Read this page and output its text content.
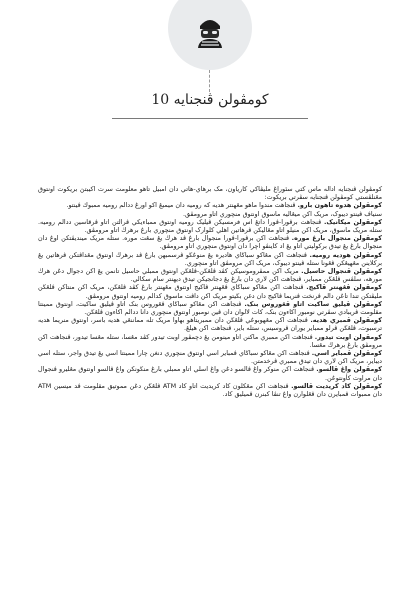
10 کومڤولن ڤنجنايه

کومڤولن ڤنجنايه اداله ماس کتي سئوراڠ مليڤاکي کارياون، مک برهاي-هاتي دان امبيل تاهو معلومت سرت اکيبتڽ بريکوت اونتوق مڠنلڤستي کومڤولن ڤنجنايه سڤرتي بريکوت:

کومڤولن هدوه تاهون بارو. ڤنجاهت مندوا ماهو مڠهنتر هديه که روميه دان ميمبڠ اکو اورڠ ددالم روميه ممبوك ڤينتو.

سنياڤ ڤينتو ديبوک، مريک اکن ميڠاليه ماسوق اونتوق منچوري اتاو مرومڤق.

کومڤولن ميکانيک. ڤنجاهت برڤورا-ڤورا داتڠ اس فرمسيکن ڤيليک روميه اونتوق ممباءيکي ڤرالتن اتاو ڤرقاسين ددالم روميه. ستله مريک ماسوق، مريک اکن منيلو اتاو مڠاليکن ڤرهاتين اهلي کلوارک اونتوق منچوري بارڠ برهرڬ اتاو مرومڤق.

کومڤولن منجوال بارڠ موره. ڤنجاهت اکن برڤورا-ڤورا منجوال بارڠ ڤد هرڬ يڠ سڠت موره. ستله مريک مينديڤتکن اوڠ دان منجوال بارڠ يڠ تيدق برکوليتي اتاو يڠ اد کاينڤو اچرا دان اونتوق منچوري اتاو مرومڤق.

کومڤولن هوديه روميه. ڤنجاهت اکن مڠاکو سباڬاي هاديره يڠ منوڠڬو ڤرسمبهن بارڠ ڤد برهرڬ اونتوق مڠداڤتکن ڤرهاتين يڠ برکلاينن مڠهيڠکن ڤڠونا ستله ڤينتو ديبوک، مريک اکن مرومڤق اتاو منچوري.

کومڤولن ڤنجوال حاسيل. مريک اکن ممڤروموسيکن کڤد ڤلڠڬن-ڤلڠڬن اونتوق ممبلي حاسيل تانمن يڠ اکن دجوال دڠن هرڬ مورهه، سلڤس ڤلڠڬن ممباير، ڤنجاهت اکن لاري دان بارڠ يڠ دجانجيکن تيدق ديهنتر سام سکالي.

کومڤولن ڤڠهنتر ڤاکيج. ڤنجاهت اکن مڠاکو سباڬاي ڤڠهنتر ڤاکيج اونتوق مڠهنتر بارڠ کڤد ڤلڠڬن، مريک اکن منتاکن ڤلڠڬن مليڤتکن تندا تاڠن دالم ڤرنخت ڤنريما ڤاکيج دان دغن بڬيتو مريک اکن داڤت ماسوق کدالم روميه اونتوق مرومڤق.

کومڤولن ڤيليق ساکيت اتاو ڤڠوروس بنک. ڤنجاهت اکن مڠاکو سباڬاي ڤڠوروس بنک اتاو ڤيليق ساکيت، اونتوق ممينتا مقلومت ڤريبادي سڤرتي نومبور اکاءون بنک، کات لالوان دان ڤين نومبور اونتوق منچوري دانا ددالم اکاءون ڤلڠڬن.

کومڤولن ڤمبري هديه. ڤنجاهت اکن مڠهوبوڠي ڤلڠڬن دان ممبريتاهو بهاوا مريک تله مماننڠي هديه باسر، اونتوق منريما هديه ترسبوت، ڤلڠڬن ڤرلو ممباير يوران ڤروسيس، ستله باير، ڤنجاهت اکن هيلڠ.

کومڤولن اوبت تيدور. ڤنجاهت اکن ممبري ماکنن اتاو مينومن يڠ دچمڤور اوبت تيدور کڤد مڠسا، ستله مڠسا تيدور، ڤنجاهت اکن مرومڤق بارڠ برهرڬ مڠسا.

کومڤولن ڤمباير اسي. ڤنجاهت اکن مڠاکو سباڬاي ڤمباير اسي اونتوق منچوري دنغن چارا ممينتا اسي يڠ تيدق واجر، ستله اسي ديباير، مريک اکن لاري دان تيدق ممبري ڤرخدمتن.

کومڤولن واڠ ڤالسو. ڤنجاهت اکن منوکر واڠ ڤالسو دڠن واڠ اسلي اتاو ممبلي بارڠ منڬونکن واڠ ڤالسو اونتوق مڠليرو ڤنجوال دان مراوت کأونتوڠن.

کومڤولن کاد کريديت ڤالسو. ڤنجاهت اکن مڠکلون کاد کريديت اتاو کاد ATM ڤلڠڬن دڠن مموتيق مقلومت ڤد ميسين ATM دان ممبوات ڤمبايرن دان ڤڠلوارن واڠ تنڤا کبنرن ڤميليق کاد.
